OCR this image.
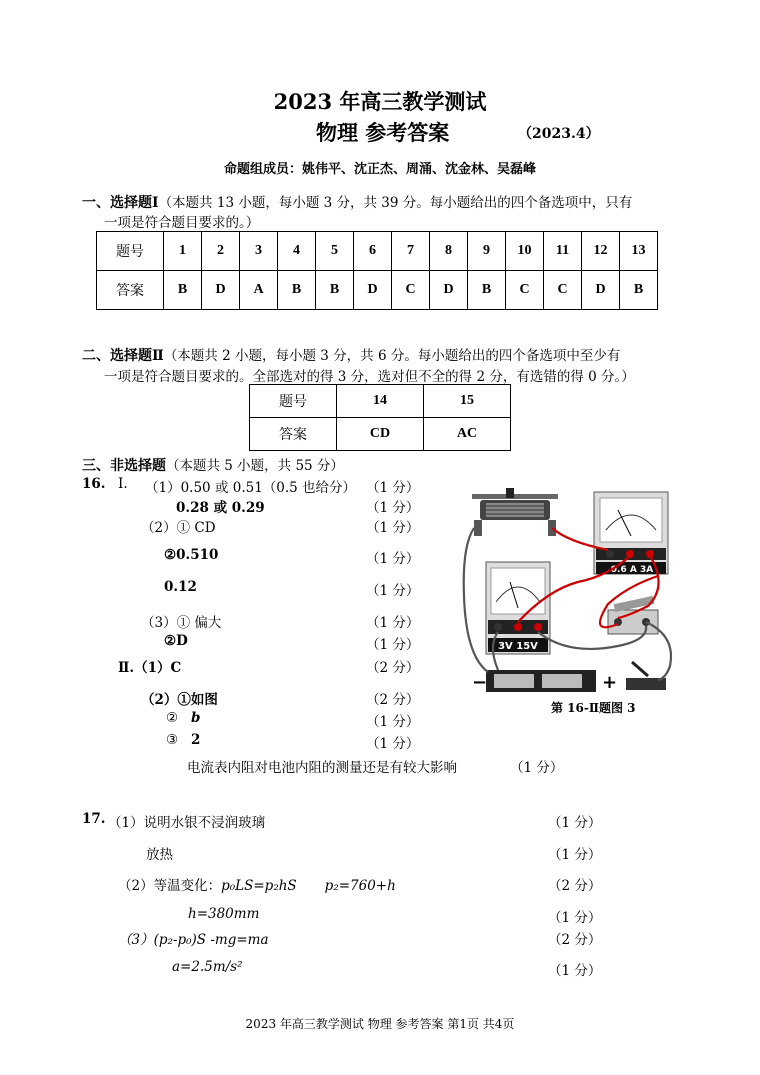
2023 年高三教学测试
物理 参考答案	（2023.4）
命题组成员：姚伟平、沈正杰、周涌、沈金林、吴磊峰
一、选择题Ⅰ（本题共 13 小题，每小题 3 分，共 39 分。每小题给出的四个备选项中，只有
一项是符合题目要求的。）
题号	1	2	3	4	5	6	7	8	9	10	11	12	13
答案	B	D	A	B	B	D	C	D	B	C	C	D	B
二、选择题Ⅱ（本题共 2 小题，每小题 3 分，共 6 分。每小题给出的四个备选项中至少有
一项是符合题目要求的。全部选对的得 3 分，选对但不全的得 2 分，有选错的得 0 分。）
题号	14	15
答案	CD	AC
三、非选择题（本题共 5 小题，共 55 分）
16. Ⅰ. （1）0.50 或 0.51（0.5 也给分） （1 分）
0.28 或 0.29	（1 分）
（2）① CD	（1 分）
②0.510	（1 分）
0.12	（1 分）
（3）① 偏大	（1 分）
②D	（1 分）
Ⅱ.（1）C	（2 分）
（2）①如图	（2 分）
② b	（1 分）
③ 2	（1 分）
电流表内阻对电池内阻的测量还是有较大影响	（1 分）
0.6 A 3A
3V 15V
−	+
第 16-Ⅱ题图 3
17. （1）说明水银不浸润玻璃	（1 分）
放热	（1 分）
（2）等温变化：p₀LS=p₂hS p₂=760+h	（2 分）
h=380mm	（1 分）
（3）(p₂-p₀)S -mg=ma	（2 分）
a=2.5m/s²	（1 分）
2023 年高三教学测试 物理 参考答案 第1页 共4页
